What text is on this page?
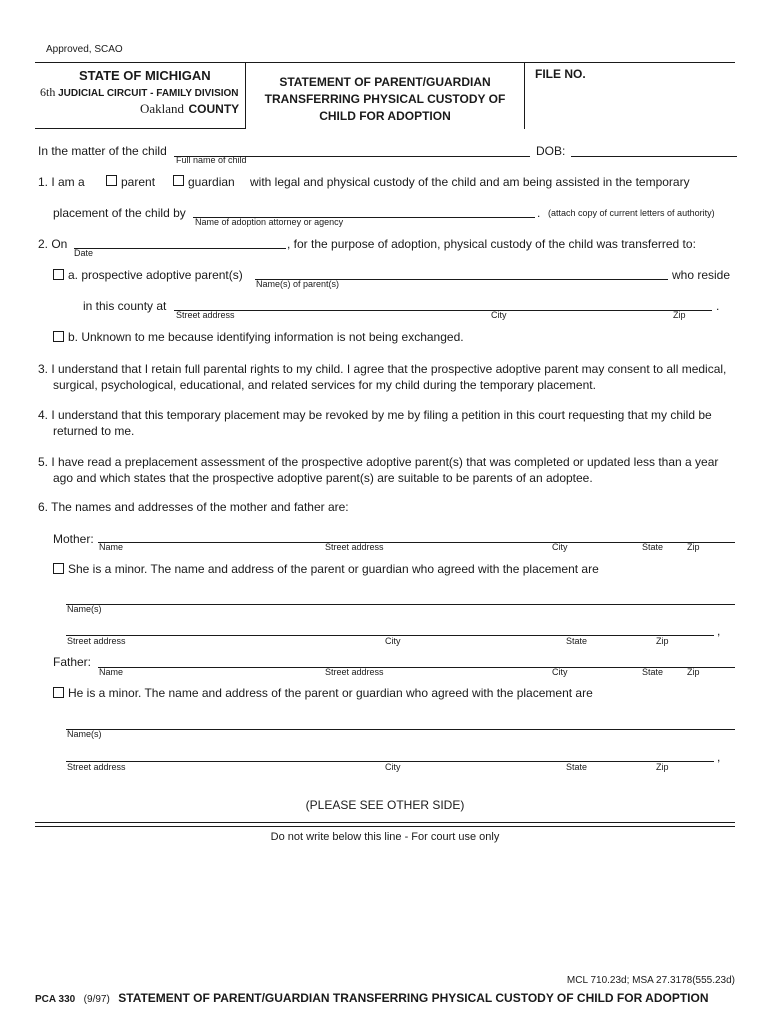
Approved, SCAO
STATE OF MICHIGAN
6th JUDICIAL CIRCUIT - FAMILY DIVISION
Oakland COUNTY
STATEMENT OF PARENT/GUARDIAN
TRANSFERRING PHYSICAL CUSTODY OF
CHILD FOR ADOPTION
FILE NO.
In the matter of the child
Full name of child
DOB:
1. I am a	parent	guardian with legal and physical custody of the child and am being assisted in the temporary
placement of the child by
Name of adoption attorney or agency
. (attach copy of current letters of authority)
2. On
Date
, for the purpose of adoption, physical custody of the child was transferred to:
a. prospective adoptive parent(s)
Name(s) of parent(s)
who reside
in this county at
Street address	City	Zip
.
b. Unknown to me because identifying information is not being exchanged.
3. I understand that I retain full parental rights to my child. I agree that the prospective adoptive parent may consent to all medical, surgical, psychological, educational, and related services for my child during the temporary placement.
4. I understand that this temporary placement may be revoked by me by filing a petition in this court requesting that my child be returned to me.
5. I have read a preplacement assessment of the prospective adoptive parent(s) that was completed or updated less than a year ago and which states that the prospective adoptive parent(s) are suitable to be parents of an adoptee.
6. The names and addresses of the mother and father are:
Mother:
Name	Street address	City	State	Zip
She is a minor. The name and address of the parent or guardian who agreed with the placement are
Name(s)
,
Street address	City	State	Zip
Father:
Name	Street address	City	State	Zip
He is a minor. The name and address of the parent or guardian who agreed with the placement are
Name(s)
,
Street address	City	State	Zip
(PLEASE SEE OTHER SIDE)
Do not write below this line - For court use only
MCL 710.23d; MSA 27.3178(555.23d)
PCA 330 (9/97) STATEMENT OF PARENT/GUARDIAN TRANSFERRING PHYSICAL CUSTODY OF CHILD FOR ADOPTION
